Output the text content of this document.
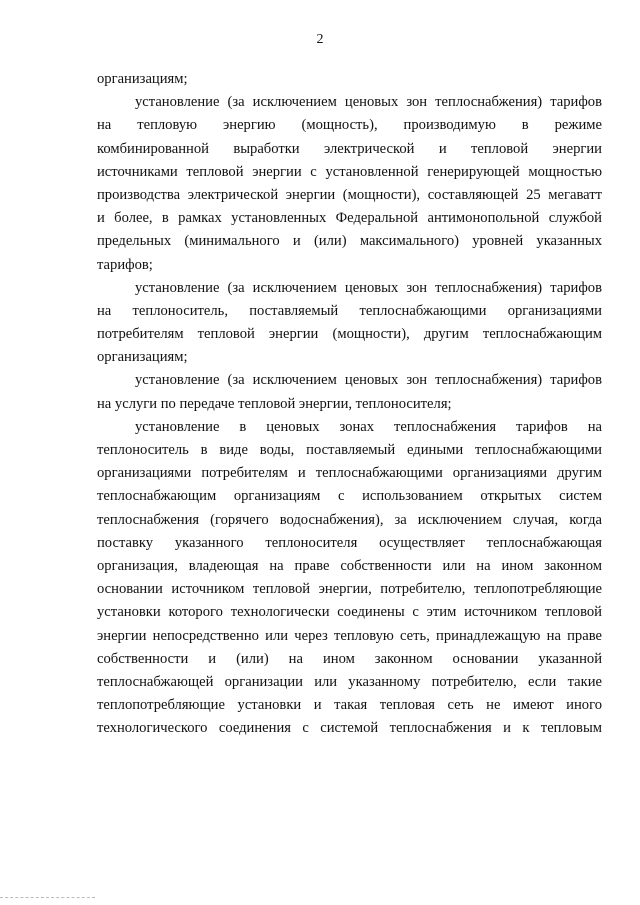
2
организациям;
установление (за исключением ценовых зон теплоснабжения) тарифов
на тепловую энергию (мощность), производимую в режиме
комбинированной выработки электрической и тепловой энергии
источниками тепловой энергии с установленной генерирующей мощностью
производства электрической энергии (мощности), составляющей 25 мегаватт
и более, в рамках установленных Федеральной антимонопольной службой
предельных (минимального и (или) максимального) уровней указанных
тарифов;
установление (за исключением ценовых зон теплоснабжения) тарифов
на теплоноситель, поставляемый теплоснабжающими организациями
потребителям тепловой энергии (мощности), другим теплоснабжающим
организациям;
установление (за исключением ценовых зон теплоснабжения) тарифов
на услуги по передаче тепловой энергии, теплоносителя;
установление в ценовых зонах теплоснабжения тарифов на
теплоноситель в виде воды, поставляемый едиными теплоснабжающими
организациями потребителям и теплоснабжающими организациями другим
теплоснабжающим организациям с использованием открытых систем
теплоснабжения (горячего водоснабжения), за исключением случая, когда
поставку указанного теплоносителя осуществляет теплоснабжающая
организация, владеющая на праве собственности или на ином законном
основании источником тепловой энергии, потребителю, теплопотребляющие
установки которого технологически соединены с этим источником тепловой
энергии непосредственно или через тепловую сеть, принадлежащую на праве
собственности и (или) на ином законном основании указанной
теплоснабжающей организации или указанному потребителю, если такие
теплопотребляющие установки и такая тепловая сеть не имеют иного
технологического соединения с системой теплоснабжения и к тепловым
